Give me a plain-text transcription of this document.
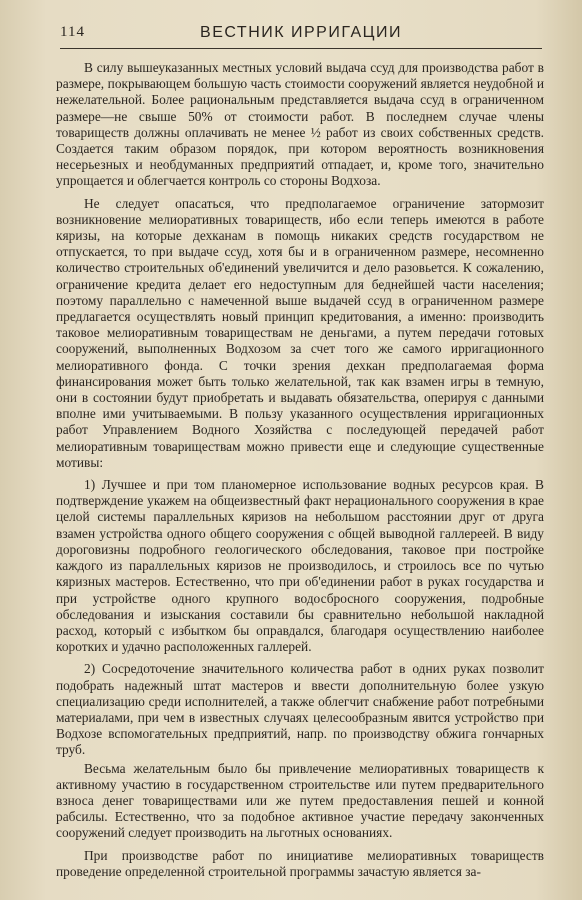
114	ВЕСТНИК ИРРИГАЦИИ

В силу вышеуказанных местных условий выдача ссуд для производства работ в размере, покрывающем большую часть стоимости сооружений является неудобной и нежелательной. Более рациональным представляется выдача ссуд в ограниченном размере—не свыше 50% от стоимости работ. В последнем случае члены товариществ должны оплачивать не менее ½ работ из своих собственных средств. Создается таким образом порядок, при котором вероятность возникновения несерьезных и необдуманных предприятий отпадает, и, кроме того, значительно упрощается и облегчается контроль со стороны Водхоза.

Не следует опасаться, что предполагаемое ограничение затормозит возникновение мелиоративных товариществ, ибо если теперь имеются в работе кяризы, на которые дехканам в помощь никаких средств государством не отпускается, то при выдаче ссуд, хотя бы и в ограниченном размере, несомненно количество строительных об'единений увеличится и дело разовьется. К сожалению, ограничение кредита делает его недоступным для беднейшей части населения; поэтому параллельно с намеченной выше выдачей ссуд в ограниченном размере предлагается осуществлять новый принцип кредитования, а именно: производить таковое мелиоративным товариществам не деньгами, а путем передачи готовых сооружений, выполненных Водхозом за счет того же самого ирригационного мелиоративного фонда. С точки зрения дехкан предполагаемая форма финансирования может быть только желательной, так как взамен игры в темную, они в состоянии будут приобретать и выдавать обязательства, оперируя с данными вполне ими учитываемыми. В пользу указанного осуществления ирригационных работ Управлением Водного Хозяйства с последующей передачей работ мелиоративным товариществам можно привести еще и следующие существенные мотивы:

1) Лучшее и при том планомерное использование водных ресурсов края. В подтверждение укажем на общеизвестный факт нерационального сооружения в крае целой системы параллельных кяризов на небольшом расстоянии друг от друга взамен устройства одного общего сооружения с общей выводной галлереей. В виду дороговизны подробного геологического обследования, таковое при постройке каждого из параллельных кяризов не производилось, и строилось все по чутью кяризных мастеров. Естественно, что при об'единении работ в руках государства и при устройстве одного крупного водосбросного сооружения, подробные обследования и изыскания составили бы сравнительно небольшой накладной расход, который с избытком бы оправдался, благодаря осуществлению наиболее коротких и удачно расположенных галлерей.

2) Сосредоточение значительного количества работ в одних руках позволит подобрать надежный штат мастеров и ввести дополнительную более узкую специализацию среди исполнителей, а также облегчит снабжение работ потребными материалами, при чем в известных случаях целесообразным явится устройство при Водхозе вспомогательных предприятий, напр. по производству обжига гончарных труб.

Весьма желательным было бы привлечение мелиоративных товариществ к активному участию в государственном строительстве или путем предварительного взноса денег товариществами или же путем предоставления пешей и конной рабсилы. Естественно, что за подобное активное участие передачу законченных сооружений следует производить на льготных основаниях.

При производстве работ по инициативе мелиоративных товариществ проведение определенной строительной программы зачастую является за-
